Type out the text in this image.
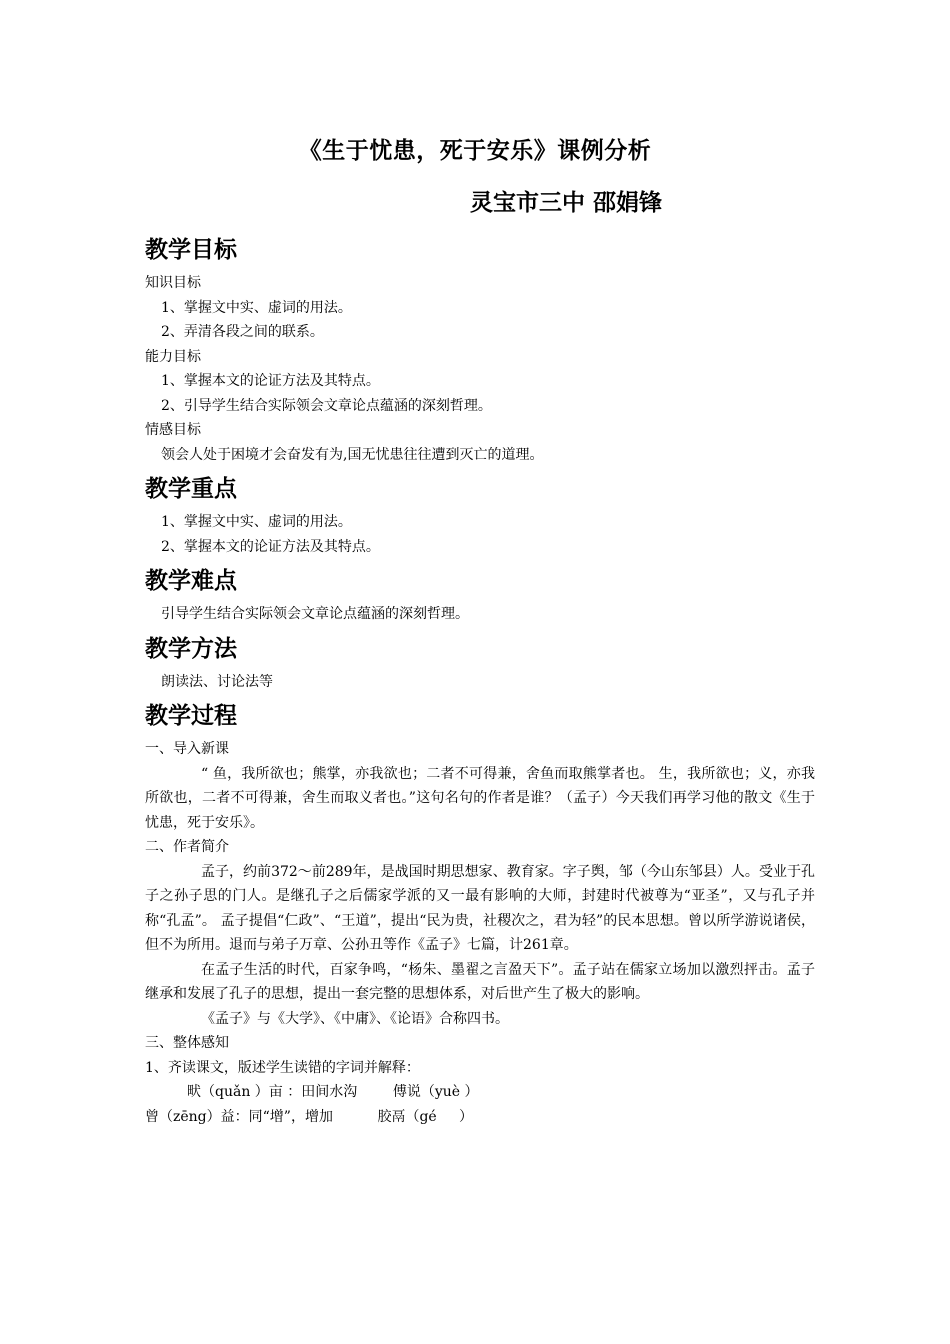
《生于忧患，死于安乐》课例分析
灵宝市三中 邵娟锋
教学目标
知识目标
1、掌握文中实、虚词的用法。
2、弄清各段之间的联系。
能力目标
1、掌握本文的论证方法及其特点。
2、引导学生结合实际领会文章论点蕴涵的深刻哲理。
情感目标
领会人处于困境才会奋发有为,国无忧患往往遭到灭亡的道理。
教学重点
1、掌握文中实、虚词的用法。
2、掌握本文的论证方法及其特点。
教学难点
引导学生结合实际领会文章论点蕴涵的深刻哲理。
教学方法
朗读法、讨论法等
教学过程
一、导入新课
“ 鱼，我所欲也；熊掌，亦我欲也；二者不可得兼，舍鱼而取熊掌者也。 生，我所欲也；义，亦我所欲也，二者不可得兼，舍生而取义者也。”这句名句的作者是谁？（孟子）今天我们再学习他的散文《生于忧患，死于安乐》。
二、作者简介
孟子，约前372～前289年，是战国时期思想家、教育家。字子舆，邹（今山东邹县）人。受业于孔子之孙子思的门人。是继孔子之后儒家学派的又一最有影响的大师，封建时代被尊为“亚圣”，又与孔子并称“孔孟”。 孟子提倡“仁政”、“王道”，提出“民为贵，社稷次之，君为轻”的民本思想。曾以所学游说诸侯，但不为所用。退而与弟子万章、公孙丑等作《孟子》七篇，计261章。
在孟子生活的时代，百家争鸣，“杨朱、墨翟之言盈天下”。孟子站在儒家立场加以激烈抨击。孟子继承和发展了孔子的思想，提出一套完整的思想体系，对后世产生了极大的影响。
《孟子》与《大学》、《中庸》、《论语》合称四书。
三、整体感知
1、齐读课文，版述学生读错的字词并解释：
畎（quǎn ）亩 ：田间水沟        傅说（yuè ）
曾（zēng）益：同“增”，增加          胶鬲（gé     ）
